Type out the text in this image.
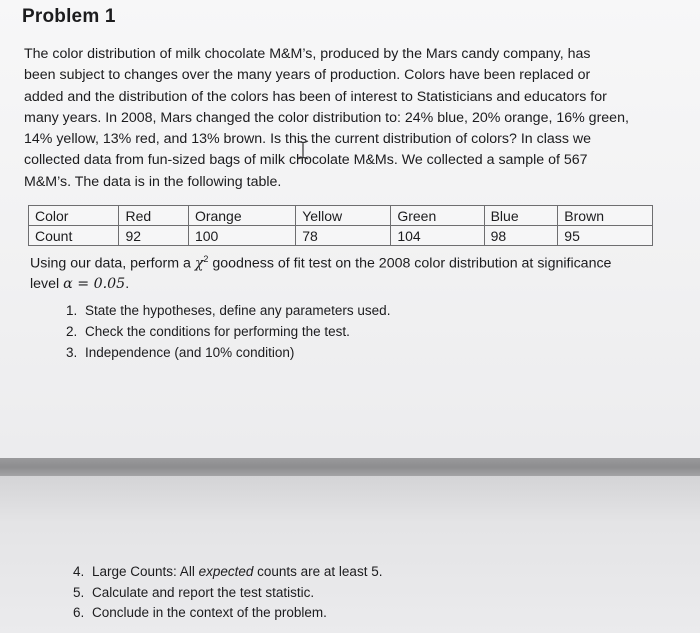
Problem 1

The color distribution of milk chocolate M&M’s, produced by the Mars candy company, has
been subject to changes over the many years of production. Colors have been replaced or
added and the distribution of the colors has been of interest to Statisticians and educators for
many years. In 2008, Mars changed the color distribution to: 24% blue, 20% orange, 16% green,
14% yellow, 13% red, and 13% brown. Is this the current distribution of colors? In class we
collected data from fun-sized bags of milk chocolate M&Ms. We collected a sample of 567
M&M’s. The data is in the following table.

Color	Red	Orange	Yellow	Green	Blue	Brown
Count	92	100	78	104	98	95

Using our data, perform a $\chi^2$ goodness of fit test on the 2008 color distribution at significance
level α = 0.05.

1. State the hypotheses, define any parameters used.
2. Check the conditions for performing the test.
3. Independence (and 10% condition)
4. Large Counts: All expected counts are at least 5.
5. Calculate and report the test statistic.
6. Conclude in the context of the problem.
